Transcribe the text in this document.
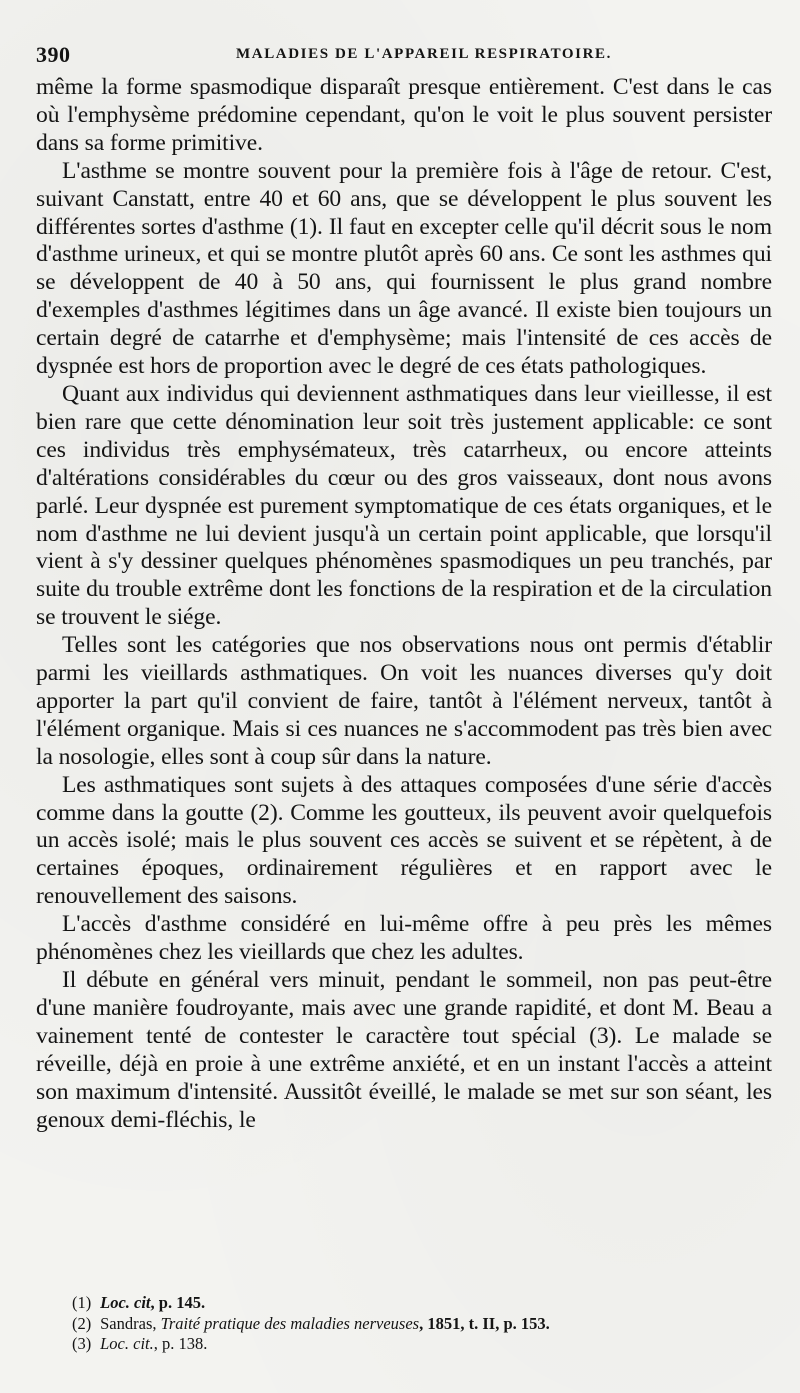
390	MALADIES DE L'APPAREIL RESPIRATOIRE.

même la forme spasmodique disparaît presque entièrement. C'est dans le cas où l'emphysème prédomine cependant, qu'on le voit le plus souvent persister dans sa forme primitive.

L'asthme se montre souvent pour la première fois à l'âge de retour. C'est, suivant Canstatt, entre 40 et 60 ans, que se développent le plus souvent les différentes sortes d'asthme (1). Il faut en excepter celle qu'il décrit sous le nom d'asthme urineux, et qui se montre plutôt après 60 ans. Ce sont les asthmes qui se développent de 40 à 50 ans, qui fournissent le plus grand nombre d'exemples d'asthmes légitimes dans un âge avancé. Il existe bien toujours un certain degré de catarrhe et d'emphysème; mais l'intensité de ces accès de dyspnée est hors de proportion avec le degré de ces états pathologiques.

Quant aux individus qui deviennent asthmatiques dans leur vieillesse, il est bien rare que cette dénomination leur soit très justement applicable: ce sont ces individus très emphysémateux, très catarrheux, ou encore atteints d'altérations considérables du cœur ou des gros vaisseaux, dont nous avons parlé. Leur dyspnée est purement symptomatique de ces états organiques, et le nom d'asthme ne lui devient jusqu'à un certain point applicable, que lorsqu'il vient à s'y dessiner quelques phénomènes spasmodiques un peu tranchés, par suite du trouble extrême dont les fonctions de la respiration et de la circulation se trouvent le siége.

Telles sont les catégories que nos observations nous ont permis d'établir parmi les vieillards asthmatiques. On voit les nuances diverses qu'y doit apporter la part qu'il convient de faire, tantôt à l'élément nerveux, tantôt à l'élément organique. Mais si ces nuances ne s'accommodent pas très bien avec la nosologie, elles sont à coup sûr dans la nature.

Les asthmatiques sont sujets à des attaques composées d'une série d'accès comme dans la goutte (2). Comme les goutteux, ils peuvent avoir quelquefois un accès isolé; mais le plus souvent ces accès se suivent et se répètent, à de certaines époques, ordinairement régulières et en rapport avec le renouvellement des saisons.

L'accès d'asthme considéré en lui-même offre à peu près les mêmes phénomènes chez les vieillards que chez les adultes.

Il débute en général vers minuit, pendant le sommeil, non pas peut-être d'une manière foudroyante, mais avec une grande rapidité, et dont M. Beau a vainement tenté de contester le caractère tout spécial (3). Le malade se réveille, déjà en proie à une extrême anxiété, et en un instant l'accès a atteint son maximum d'intensité. Aussitôt éveillé, le malade se met sur son séant, les genoux demi-fléchis, le

(1) Loc. cit, p. 145.
(2) Sandras, Traité pratique des maladies nerveuses, 1851, t. II, p. 153.
(3) Loc. cit., p. 138.
